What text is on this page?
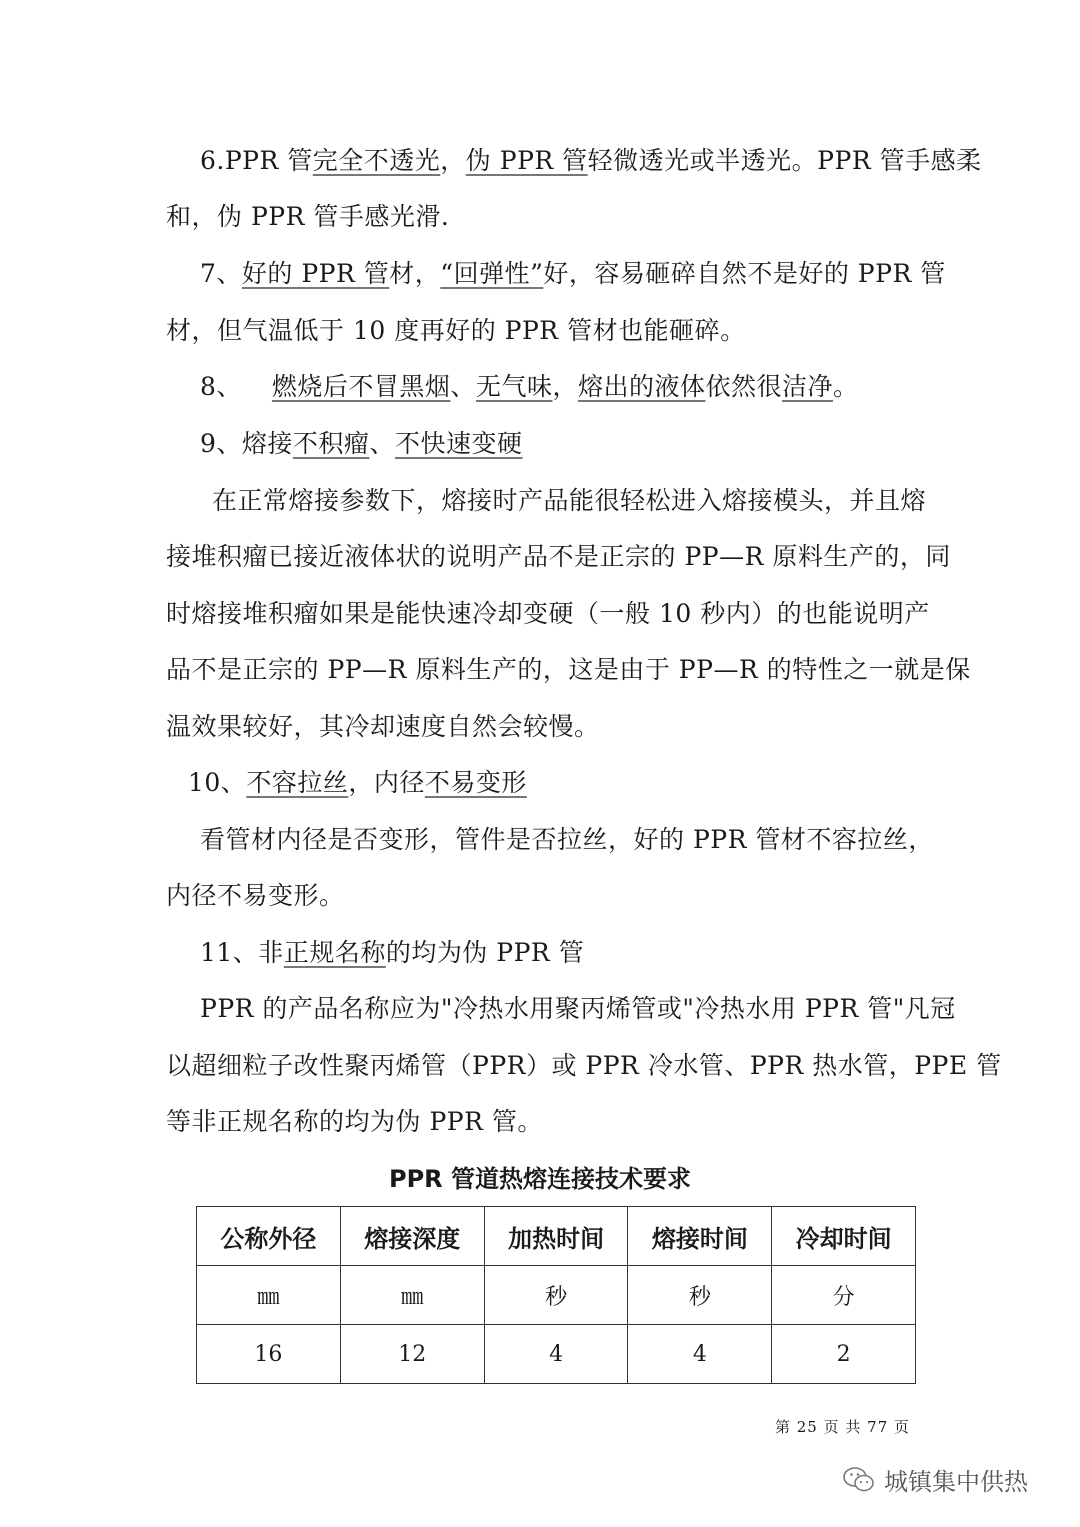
6.PPR 管完全不透光，伪 PPR 管轻微透光或半透光。PPR 管手感柔
和，伪 PPR 管手感光滑.
7、好的 PPR 管材，“回弹性”好，容易砸碎自然不是好的 PPR 管
材，但气温低于 10 度再好的 PPR 管材也能砸碎。
8、 燃烧后不冒黑烟、无气味，熔出的液体依然很洁净。
9、熔接不积瘤、不快速变硬
在正常熔接参数下，熔接时产品能很轻松进入熔接模头，并且熔
接堆积瘤已接近液体状的说明产品不是正宗的 PP—R 原料生产的，同
时熔接堆积瘤如果是能快速冷却变硬（一般 10 秒内）的也能说明产
品不是正宗的 PP—R 原料生产的，这是由于 PP—R 的特性之一就是保
温效果较好，其冷却速度自然会较慢。
10、不容拉丝，内径不易变形
看管材内径是否变形，管件是否拉丝，好的 PPR 管材不容拉丝，
内径不易变形。
11、非正规名称的均为伪 PPR 管
PPR 的产品名称应为"冷热水用聚丙烯管或"冷热水用 PPR 管"凡冠
以超细粒子改性聚丙烯管（PPR）或 PPR 冷水管、PPR 热水管，PPE 管
等非正规名称的均为伪 PPR 管。
PPR 管道热熔连接技术要求
公称外径	熔接深度	加热时间	熔接时间	冷却时间
㎜	㎜	秒	秒	分
16	12	4	4	2
第 25 页 共 77 页
城镇集中供热
